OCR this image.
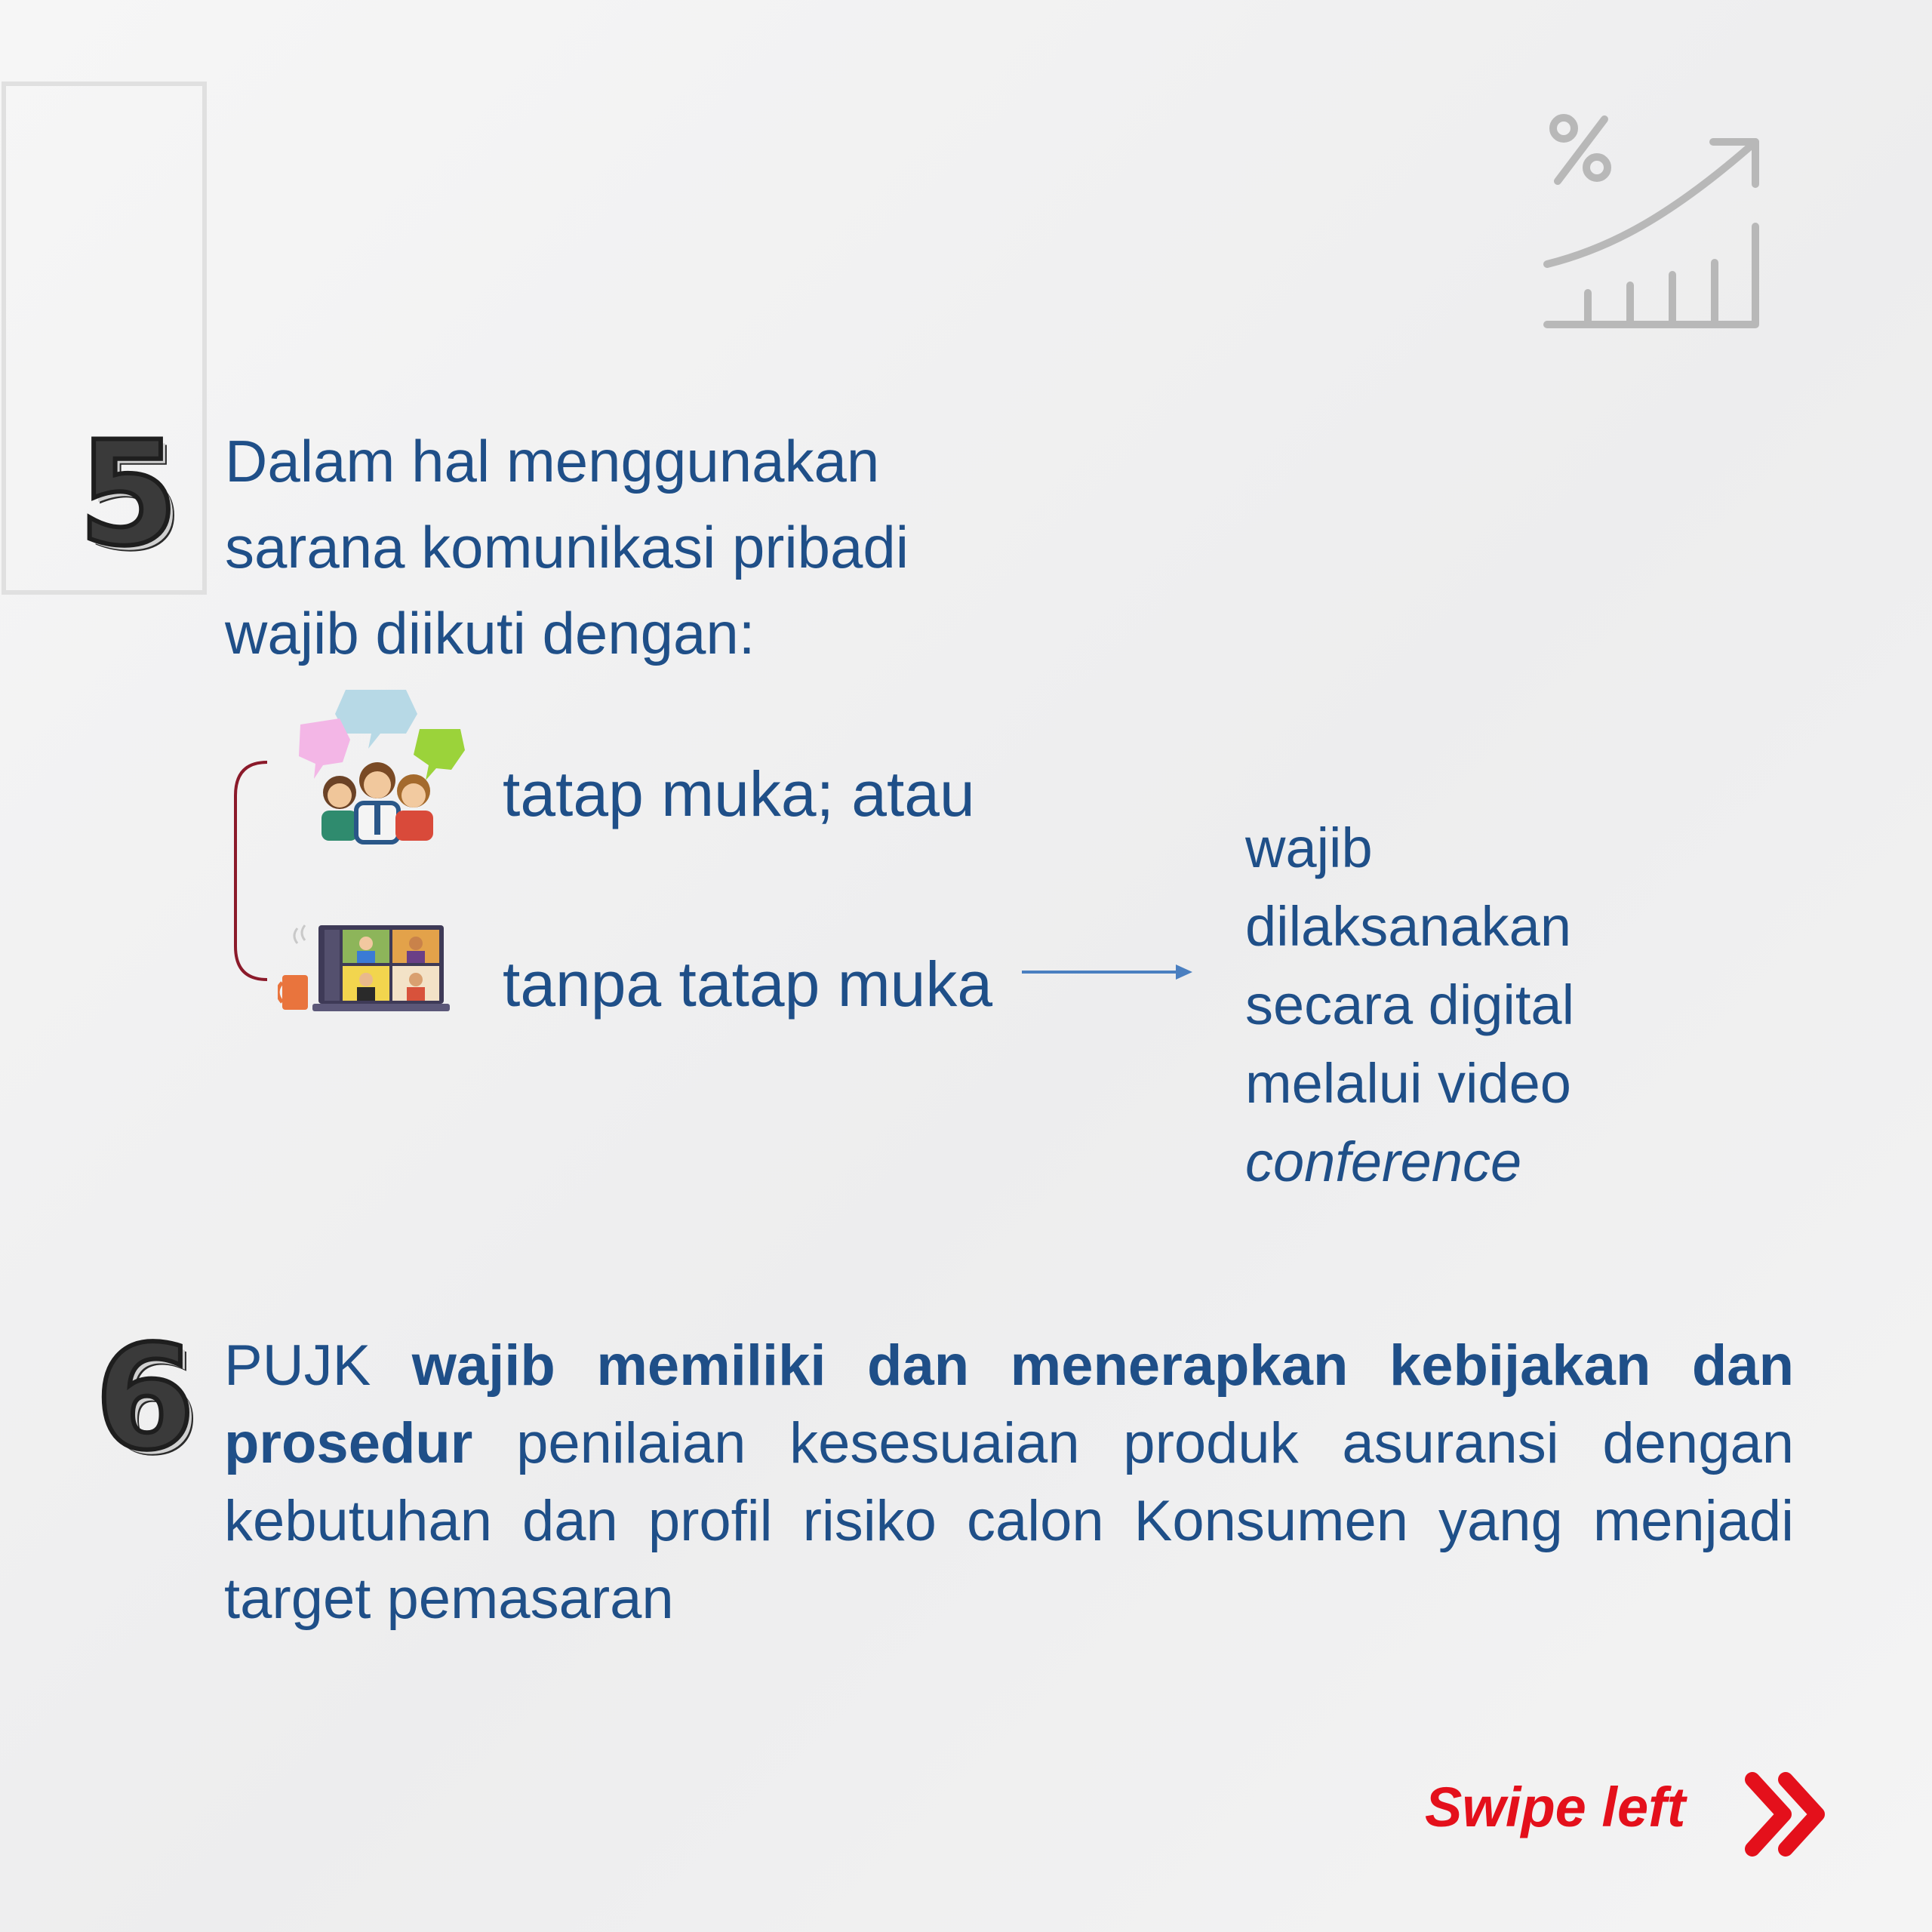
5 Dalam hal menggunakan
sarana komunikasi pribadi
wajib diikuti dengan:
tatap muka; atau
tanpa tatap muka
wajib
dilaksanakan
secara digital
melalui video
conference
6 PUJK wajib memiliki dan menerapkan kebijakan dan prosedur penilaian kesesuaian produk asuransi dengan kebutuhan dan profil risiko calon Konsumen yang menjadi target pemasaran
Swipe left
